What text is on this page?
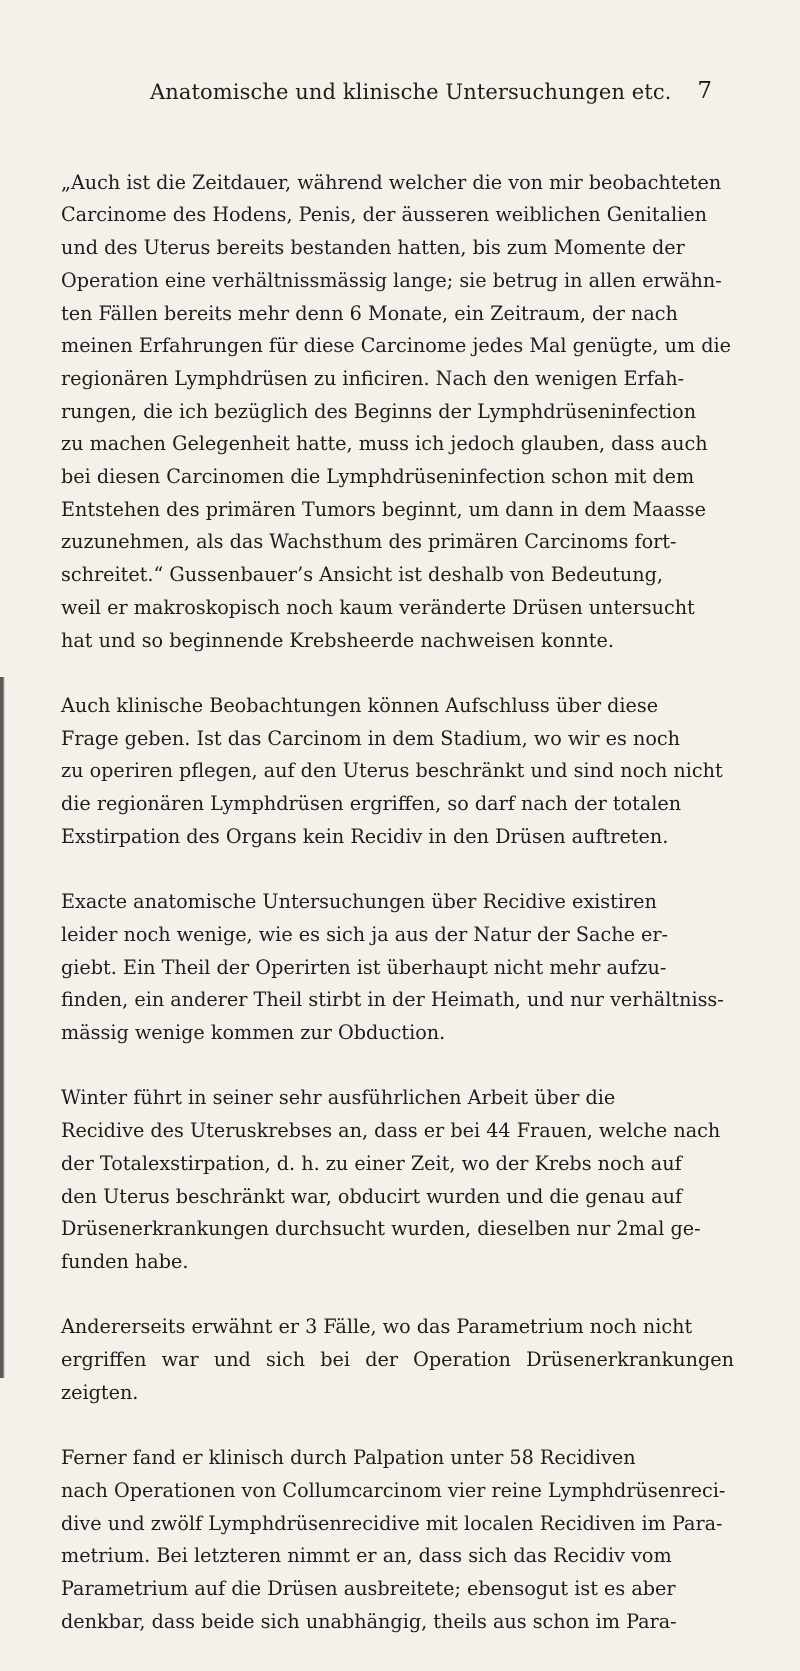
Anatomische und klinische Untersuchungen etc. 7

„Auch ist die Zeitdauer, während welcher die von mir beobachteten
Carcinome des Hodens, Penis, der äusseren weiblichen Genitalien
und des Uterus bereits bestanden hatten, bis zum Momente der
Operation eine verhältnissmässig lange; sie betrug in allen erwähn-
ten Fällen bereits mehr denn 6 Monate, ein Zeitraum, der nach
meinen Erfahrungen für diese Carcinome jedes Mal genügte, um die
regionären Lymphdrüsen zu inficiren. Nach den wenigen Erfah-
rungen, die ich bezüglich des Beginns der Lymphdrüseninfection
zu machen Gelegenheit hatte, muss ich jedoch glauben, dass auch
bei diesen Carcinomen die Lymphdrüseninfection schon mit dem
Entstehen des primären Tumors beginnt, um dann in dem Maasse
zuzunehmen, als das Wachsthum des primären Carcinoms fort-
schreitet.“ Gussenbauer’s Ansicht ist deshalb von Bedeutung,
weil er makroskopisch noch kaum veränderte Drüsen untersucht
hat und so beginnende Krebsheerde nachweisen konnte.

Auch klinische Beobachtungen können Aufschluss über diese
Frage geben. Ist das Carcinom in dem Stadium, wo wir es noch
zu operiren pflegen, auf den Uterus beschränkt und sind noch nicht
die regionären Lymphdrüsen ergriffen, so darf nach der totalen
Exstirpation des Organs kein Recidiv in den Drüsen auftreten.

Exacte anatomische Untersuchungen über Recidive existiren
leider noch wenige, wie es sich ja aus der Natur der Sache er-
giebt. Ein Theil der Operirten ist überhaupt nicht mehr aufzu-
finden, ein anderer Theil stirbt in der Heimath, und nur verhältniss-
mässig wenige kommen zur Obduction.

Winter führt in seiner sehr ausführlichen Arbeit über die
Recidive des Uteruskrebses an, dass er bei 44 Frauen, welche nach
der Totalexstirpation, d. h. zu einer Zeit, wo der Krebs noch auf
den Uterus beschränkt war, obducirt wurden und die genau auf
Drüsenerkrankungen durchsucht wurden, dieselben nur 2mal ge-
funden habe.

Andererseits erwähnt er 3 Fälle, wo das Parametrium noch nicht
ergriffen war und sich bei der Operation Drüsenerkrankungen zeigten.

Ferner fand er klinisch durch Palpation unter 58 Recidiven
nach Operationen von Collumcarcinom vier reine Lymphdrüsenreci-
dive und zwölf Lymphdrüsenrecidive mit localen Recidiven im Para-
metrium. Bei letzteren nimmt er an, dass sich das Recidiv vom
Parametrium auf die Drüsen ausbreitete; ebensogut ist es aber
denkbar, dass beide sich unabhängig, theils aus schon im Para-
